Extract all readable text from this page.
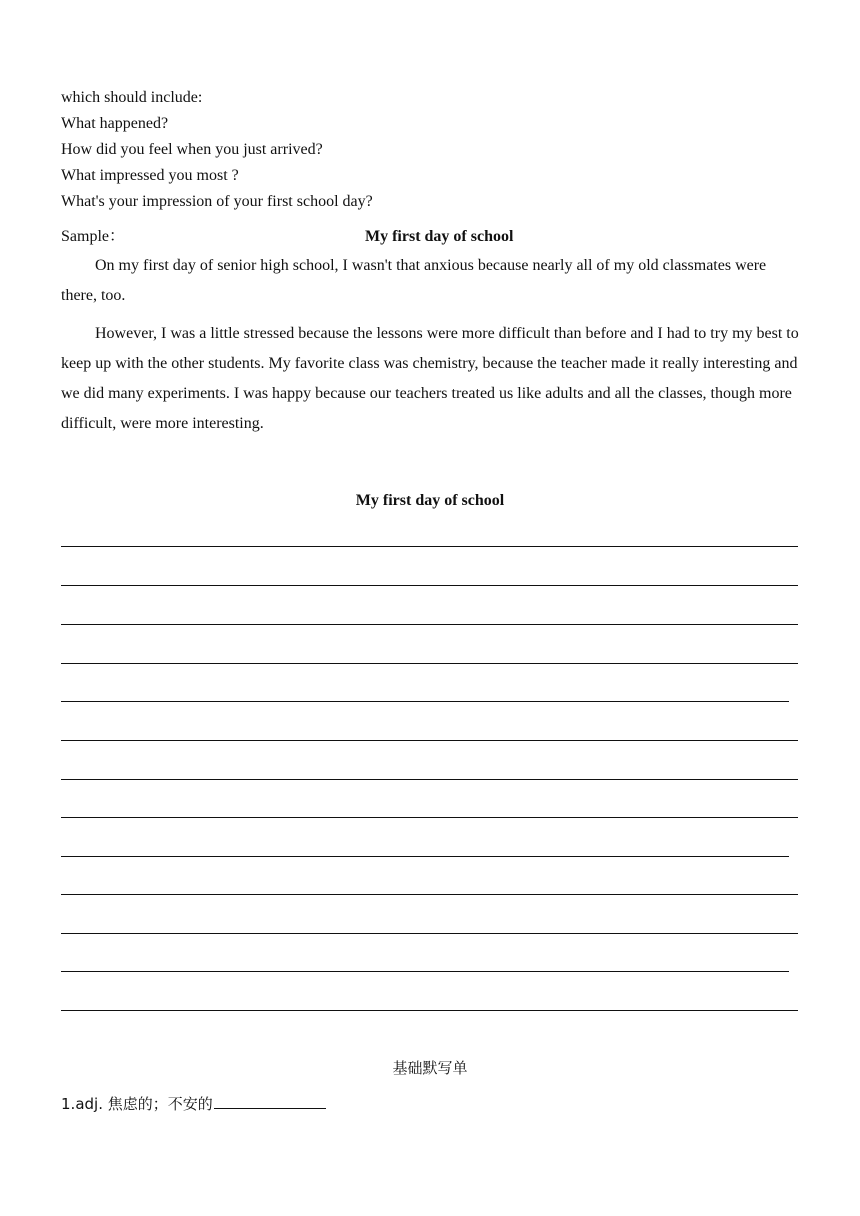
which should include:
What happened?
How did you feel when you just arrived?
What impressed you most ?
What's your impression of your first school day?
Sample：	My first day of school

On my first day of senior high school, I wasn't that anxious because nearly all of my old classmates were there, too.

However, I was a little stressed because the lessons were more difficult than before and I had to try my best to keep up with the other students. My favorite class was chemistry, because the teacher made it really interesting and we did many experiments. I was happy because our teachers treated us like adults and all the classes, though more difficult, were more interesting.

My first day of school
基础默写单
1.adj. 焦虑的；不安的
